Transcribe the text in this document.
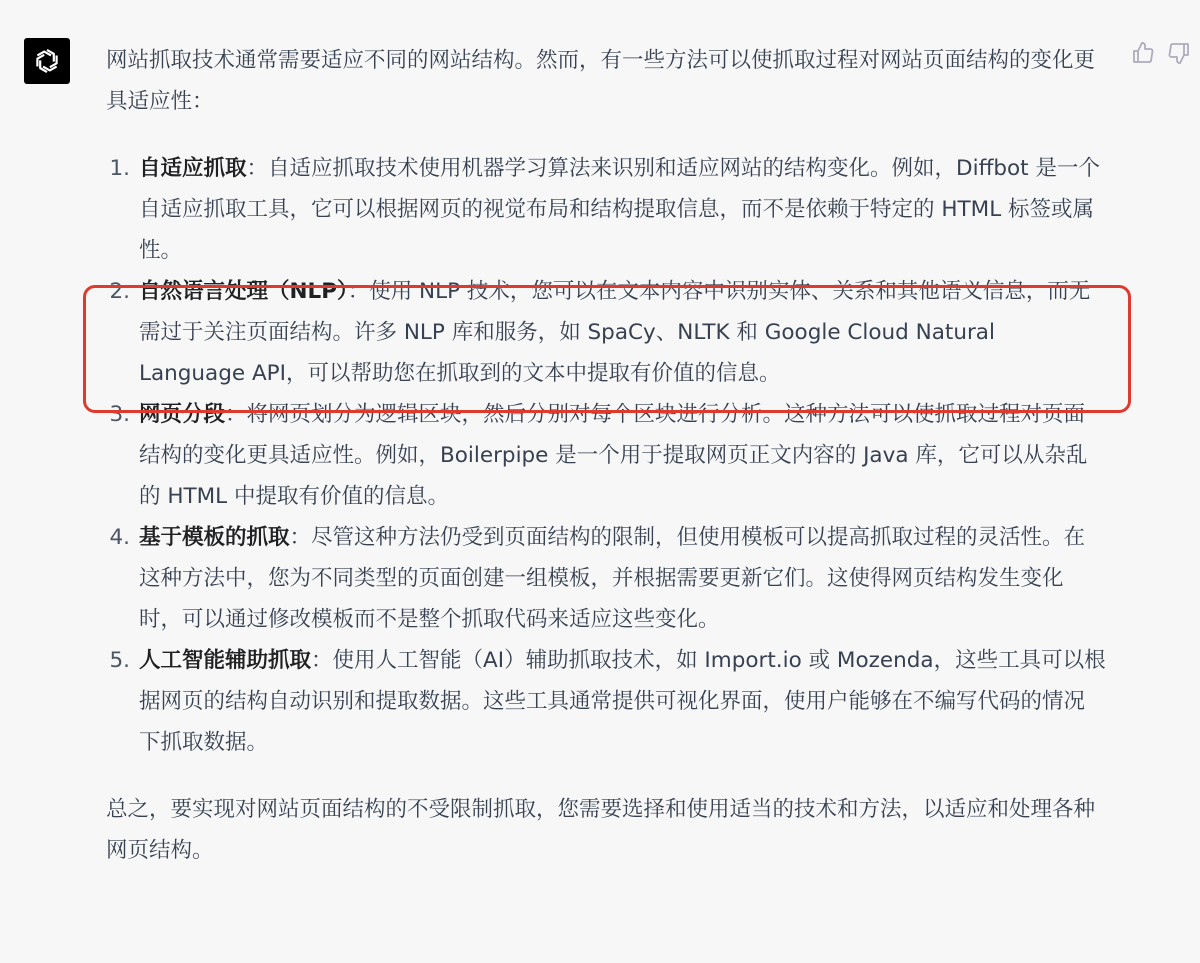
网站抓取技术通常需要适应不同的网站结构。然而，有一些方法可以使抓取过程对网站页面结构的变化更具适应性：

1. 自适应抓取：自适应抓取技术使用机器学习算法来识别和适应网站的结构变化。例如，Diffbot 是一个自适应抓取工具，它可以根据网页的视觉布局和结构提取信息，而不是依赖于特定的 HTML 标签或属性。
2. 自然语言处理（NLP）：使用 NLP 技术，您可以在文本内容中识别实体、关系和其他语义信息，而无需过于关注页面结构。许多 NLP 库和服务，如 SpaCy、NLTK 和 Google Cloud Natural Language API，可以帮助您在抓取到的文本中提取有价值的信息。
3. 网页分段：将网页划分为逻辑区块，然后分别对每个区块进行分析。这种方法可以使抓取过程对页面结构的变化更具适应性。例如，Boilerpipe 是一个用于提取网页正文内容的 Java 库，它可以从杂乱的 HTML 中提取有价值的信息。
4. 基于模板的抓取：尽管这种方法仍受到页面结构的限制，但使用模板可以提高抓取过程的灵活性。在这种方法中，您为不同类型的页面创建一组模板，并根据需要更新它们。这使得网页结构发生变化时，可以通过修改模板而不是整个抓取代码来适应这些变化。
5. 人工智能辅助抓取：使用人工智能（AI）辅助抓取技术，如 Import.io 或 Mozenda，这些工具可以根据网页的结构自动识别和提取数据。这些工具通常提供可视化界面，使用户能够在不编写代码的情况下抓取数据。

总之，要实现对网站页面结构的不受限制抓取，您需要选择和使用适当的技术和方法，以适应和处理各种网页结构。
